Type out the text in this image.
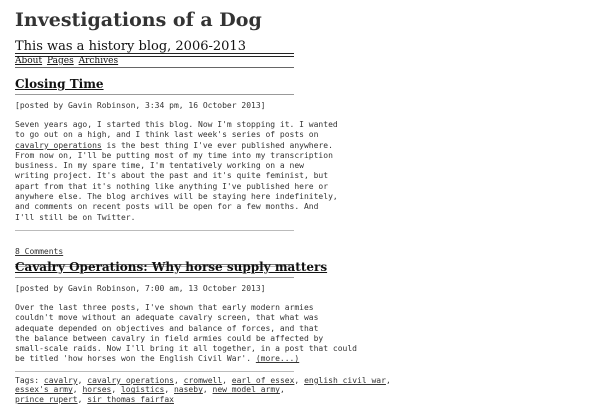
Investigations of a Dog
This was a history blog, 2006-2013
About Pages Archives
Closing Time
[posted by Gavin Robinson, 3:34 pm, 16 October 2013]
Seven years ago, I started this blog. Now I'm stopping it. I wanted
to go out on a high, and I think last week's series of posts on
cavalry operations is the best thing I've ever published anywhere.
From now on, I'll be putting most of my time into my transcription
business. In my spare time, I'm tentatively working on a new
writing project. It's about the past and it's quite feminist, but
apart from that it's nothing like anything I've published here or
anywhere else. The blog archives will be staying here indefinitely,
and comments on recent posts will be open for a few months. And
I'll still be on Twitter.
8 Comments
Cavalry Operations: Why horse supply matters
[posted by Gavin Robinson, 7:00 am, 13 October 2013]
Over the last three posts, I've shown that early modern armies
couldn't move without an adequate cavalry screen, that what was
adequate depended on objectives and balance of forces, and that
the balance between cavalry in field armies could be affected by
small-scale raids. Now I'll bring it all together, in a post that could
be titled 'how horses won the English Civil War'. (more...)
Tags: cavalry, cavalry operations, cromwell, earl of essex, english civil war,
essex's army, horses, logistics, naseby, new model army,
prince rupert, sir thomas fairfax
